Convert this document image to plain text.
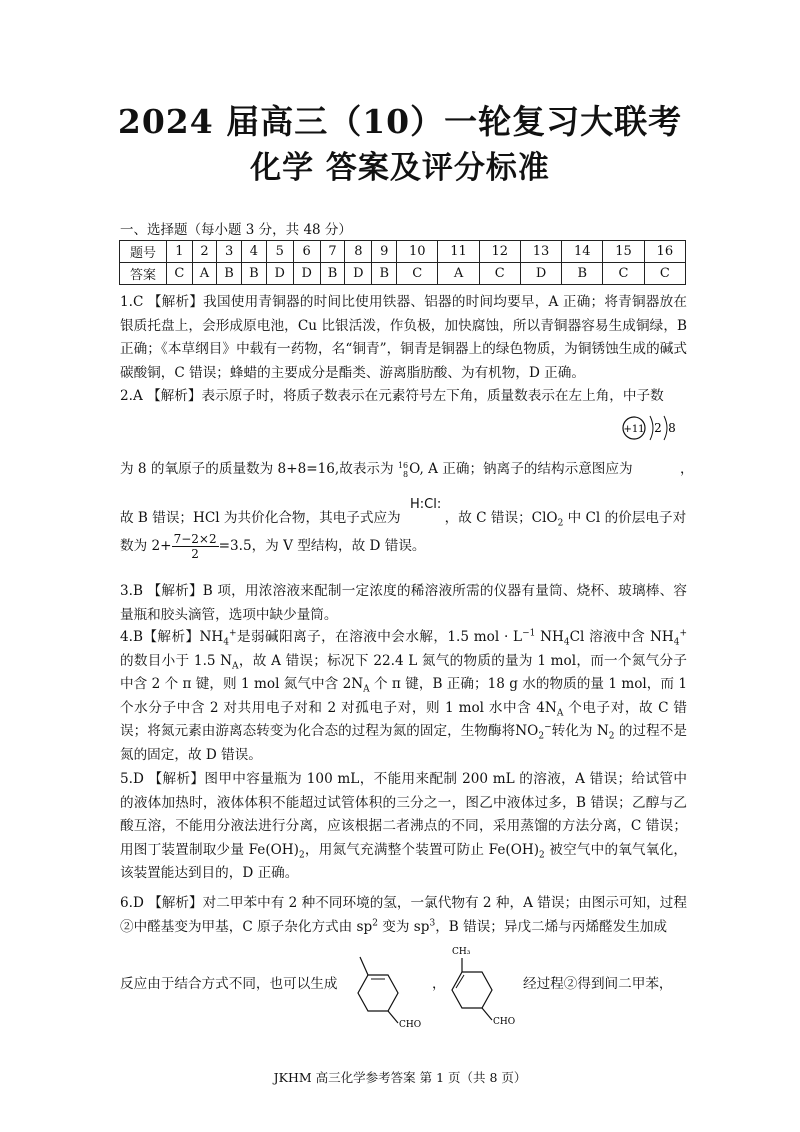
2024 届高三（10）一轮复习大联考
化学 答案及评分标准
一、选择题（每小题 3 分，共 48 分）
题号	1	2	3	4	5	6	7	8	9	10	11	12	13	14	15	16
答案	C	A	B	B	D	D	B	D	B	C	A	C	D	B	C	C
1.C 【解析】我国使用青铜器的时间比使用铁器、铝器的时间均要早，A 正确；将青铜器放在银质托盘上，会形成原电池，Cu 比银活泼，作负极，加快腐蚀，所以青铜器容易生成铜绿，B 正确；《本草纲目》中载有一药物，名“铜青”，铜青是铜器上的绿色物质，为铜锈蚀生成的碱式碳酸铜，C 错误；蜂蜡的主要成分是酯类、游离脂肪酸、为有机物，D 正确。
2.A 【解析】表示原子时，将质子数表示在元素符号左下角，质量数表示在左上角，中子数
+11 2 8
为 8 的氧原子的质量数为 8+8=16,故表示为 16
8O, A 正确；钠离子的结构示意图应为	，
H:Cl:
故 B 错误；HCl 为共价化合物，其电子式应为	，故 C 错误；ClO$_2$ 中 Cl 的价层电子对
数为 $2+ \frac{7-2\times 2}{2} =3.5$，为 V 型结构，故 D 错误。
3.B 【解析】B 项，用浓溶液来配制一定浓度的稀溶液所需的仪器有量筒、烧杯、玻璃棒、容量瓶和胶头滴管，选项中缺少量筒。
4.B【解析】$NH_4^+$是弱碱阳离子，在溶液中会水解，1.5 mol · $L^{-1}$ $NH_4Cl$ 溶液中含 $NH_4^+$ 的数目小于 1.5 $N_A$，故 A 错误；标况下 22.4 L 氮气的物质的量为 1 mol，而一个氮气分子中含 2 个 π 键，则 1 mol 氮气中含 $2N_A$ 个 π 键，B 正确；18 g 水的物质的量 1 mol，而 1 个水分子中含 2 对共用电子对和 2 对孤电子对，则 1 mol 水中含 $4N_A$ 个电子对，故 C 错误；将氮元素由游离态转变为化合态的过程为氮的固定，生物酶将$NO_2^-$转化为 $N_2$ 的过程不是氮的固定，故 D 错误。
5.D 【解析】图甲中容量瓶为 100 mL，不能用来配制 200 mL 的溶液，A 错误；给试管中的液体加热时，液体体积不能超过试管体积的三分之一，图乙中液体过多，B 错误；乙醇与乙酸互溶，不能用分液法进行分离，应该根据二者沸点的不同，采用蒸馏的方法分离，C 错误；用图丁装置制取少量 $Fe(OH)_2$，用氮气充满整个装置可防止 $Fe(OH)_2$ 被空气中的氧气氧化，该装置能达到目的，D 正确。
6.D 【解析】对二甲苯中有 2 种不同环境的氢，一氯代物有 2 种，A 错误；由图示可知，过程②中醛基变为甲基，C 原子杂化方式由 $sp^2$ 变为 $sp^3$，B 错误；异戊二烯与丙烯醛发生加成
反应由于结合方式不同，也可以生成
CHO
，
CH₃
CHO
经过程②得到间二甲苯，
JKHM 高三化学参考答案 第 1 页（共 8 页）
